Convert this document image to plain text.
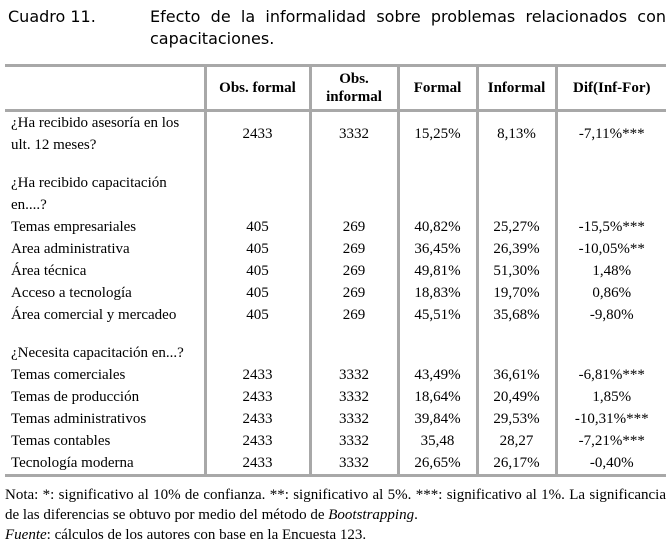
Cuadro 11.	Efecto de la informalidad sobre problemas relacionados con capacitaciones.
	Obs. formal	Obs. informal	Formal	Informal	Dif(Inf-For)
¿Ha recibido asesoría en los ult. 12 meses?	2433	3332	15,25%	8,13%	-7,11%***

¿Ha recibido capacitación en....?					
Temas empresariales	405	269	40,82%	25,27%	-15,5%***
Area administrativa	405	269	36,45%	26,39%	-10,05%**
Área técnica	405	269	49,81%	51,30%	1,48%
Acceso a tecnología	405	269	18,83%	19,70%	0,86%
Área comercial y mercadeo	405	269	45,51%	35,68%	-9,80%

¿Necesita capacitación en...?					
Temas comerciales	2433	3332	43,49%	36,61%	-6,81%***
Temas de producción	2433	3332	18,64%	20,49%	1,85%
Temas administrativos	2433	3332	39,84%	29,53%	-10,31%***
Temas contables	2433	3332	35,48	28,27	-7,21%***
Tecnología moderna	2433	3332	26,65%	26,17%	-0,40%

Nota: *: significativo al 10% de confianza. **: significativo al 5%. ***: significativo al 1%. La significancia de las diferencias se obtuvo por medio del método de Bootstrapping.

Fuente: cálculos de los autores con base en la Encuesta 123.
